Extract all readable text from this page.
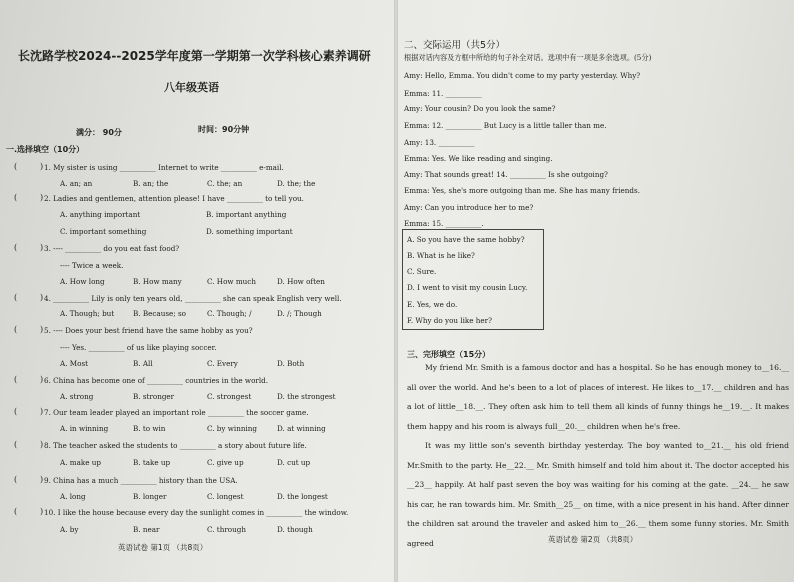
长沈路学校2024--2025学年度第一学期第一次学科核心素养调研
八年级英语
满分： 90分	时间：90分钟
一.选择填空（10分）
(	) 1. My sister is using __________ Internet to write __________ e-mail.
A. an; an	B. an; the	C. the; an	D. the; the
(	) 2. Ladies and gentlemen, attention please! I have __________ to tell you.
A. anything important	B. important anything
C. important something	D. something important
(	) 3. ---- __________ do you eat fast food?
---- Twice a week.
A. How long	B. How many	C. How much	D. How often
(	) 4. __________ Lily is only ten years old, __________ she can speak English very well.
A. Though; but	B. Because; so	C. Though; /	D. /; Though
(	) 5. ---- Does your best friend have the same hobby as you?
---- Yes. __________ of us like playing soccer.
A. Most	B. All	C. Every	D. Both
(	) 6. China has become one of __________ countries in the world.
A. strong	B. stronger	C. strongest	D. the strongest
(	) 7. Our team leader played an important role __________ the soccer game.
A. in winning	B. to win	C. by winning	D. at winning
(	) 8. The teacher asked the students to __________ a story about future life.
A. make up	B. take up	C. give up	D. cut up
(	) 9. China has a much __________ history than the USA.
A. long	B. longer	C. longest	D. the longest
(	) 10. I like the house because every day the sunlight comes in __________ the window.
A. by	B. near	C. through	D. though
英语试卷 第1页 （共8页）
二、交际运用（共5分）
根据对话内容及方框中所给的句子补全对话。选项中有一项是多余选项。(5分)
Amy: Hello, Emma. You didn't come to my party yesterday. Why?
Emma: 11. __________
Amy: Your cousin? Do you look the same?
Emma: 12. __________ But Lucy is a little taller than me.
Amy: 13. __________
Emma: Yes. We like reading and singing.
Amy: That sounds great! 14. __________ Is she outgoing?
Emma: Yes, she's more outgoing than me. She has many friends.
Amy: Can you introduce her to me?
Emma: 15. __________.
A. So you have the same hobby?
B. What is he like?
C. Sure.
D. I went to visit my cousin Lucy.
E. Yes, we do.
F. Why do you like her?
三、完形填空（15分）
My friend Mr. Smith is a famous doctor and has a hospital. So he has enough money to__16.__ all over the world. And he's been to a lot of places of interest. He likes to__17.__ children and has a lot of little__18.__. They often ask him to tell them all kinds of funny things he__19.__. It makes them happy and his room is always full__20.__ children when he's free.
It was my little son's seventh birthday yesterday. The boy wanted to__21.__ his old friend Mr.Smith to the party. He__22.__ Mr. Smith himself and told him about it. The doctor accepted his __23__ happily. At half past seven the boy was waiting for his coming at the gate. __24.__ he saw his car, he ran towards him. Mr. Smith__25__ on time, with a nice present in his hand. After dinner the children sat around the traveler and asked him to__26.__ them some funny stories. Mr. Smith agreed	英语试卷 第2页 （共8页）
